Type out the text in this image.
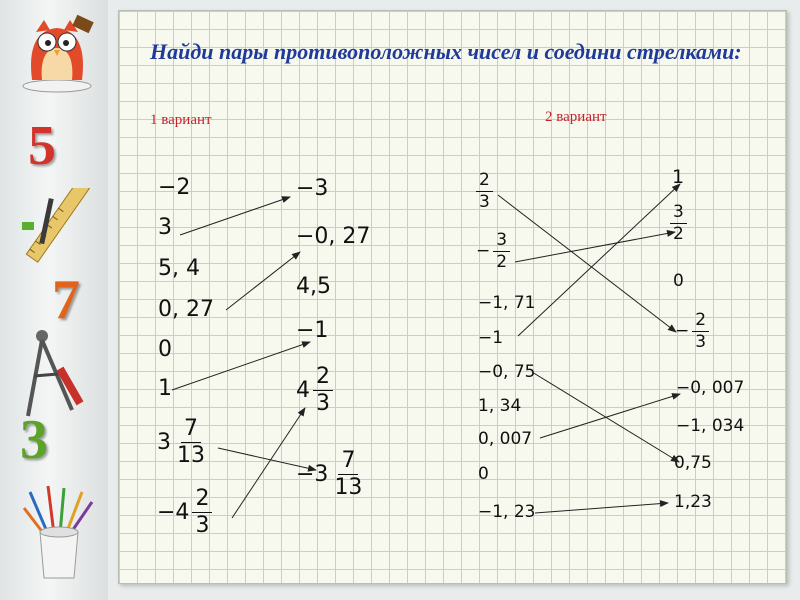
5
7
3
Найди пары противоположных чисел и соедини стрелками:
1 вариант	2 вариант
−2
3
5, 4
0, 27
0
1
$3 \frac{7}{13}$
$-4 \frac{2}{3}$
−3
−0, 27
4,5
−1
$4 \frac{2}{3}$
$-3 \frac{7}{13}$
$\frac{2}{3}$
− $\frac{3}{2}$
−1, 71
−1
−0, 75
1, 34
0, 007
0
−1, 23
1
$\frac{3}{2}$
0
− $\frac{2}{3}$
−0, 007
−1, 034
0,75
1,23
